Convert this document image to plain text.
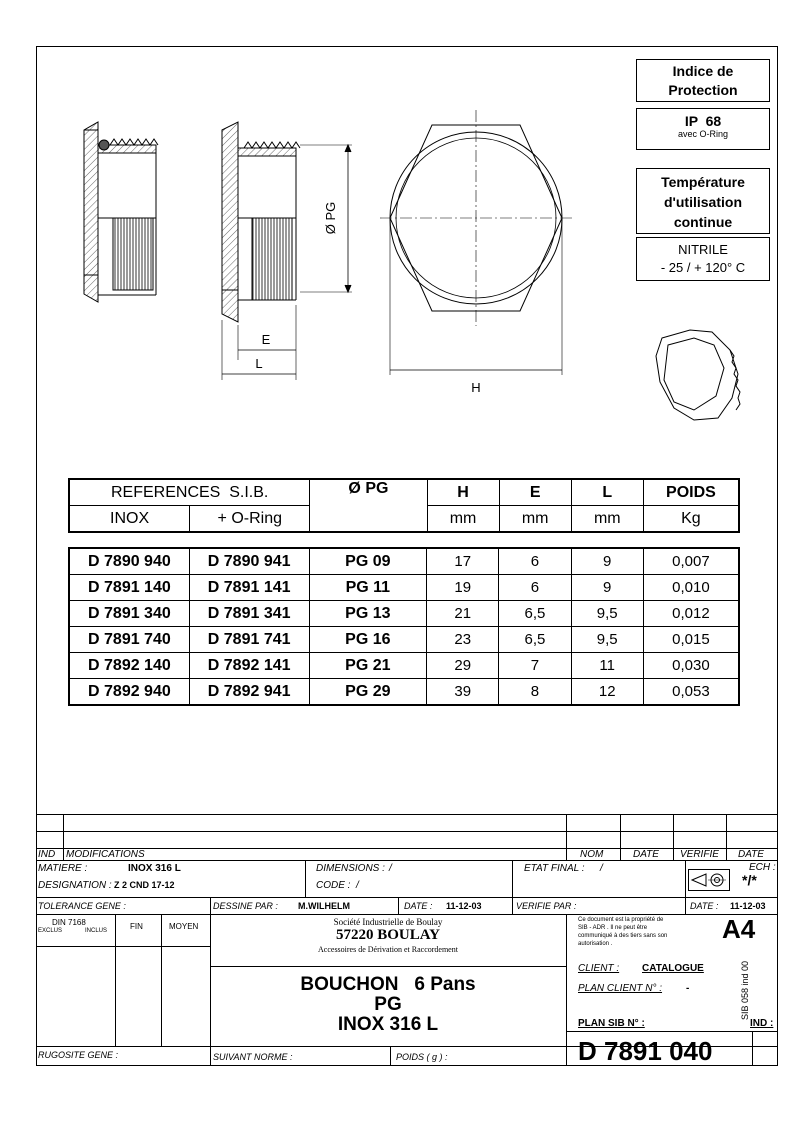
Indice de
Protection
IP  68
avec O-Ring
Température
d'utilisation
continue
NITRILE
- 25 / + 120° C
Ø PG
E
L
H
REFERENCES  S.I.B.		Ø PG	H	E	L	POIDS
INOX	+ O-Ring		mm	mm	mm	Kg
D 7890 940	D 7890 941	PG 09	17	6	9	0,007
D 7891 140	D 7891 141	PG 11	19	6	9	0,010
D 7891 340	D 7891 341	PG 13	21	6,5	9,5	0,012
D 7891 740	D 7891 741	PG 16	23	6,5	9,5	0,015
D 7892 140	D 7892 141	PG 21	29	7	11	0,030
D 7892 940	D 7892 941	PG 29	39	8	12	0,053
IND MODIFICATIONS	NOM	DATE VERIFIE DATE
MATIERE :	INOX 316 L
DESIGNATION : Z 2 CND 17-12
DIMENSIONS : /
CODE : /
ETAT FINAL : /	ECH :
*/*
TOLERANCE GENE :	DESSINE PAR : M.WILHELM	DATE : 11-12-03	VERIFIE PAR :	DATE : 11-12-03
DIN 7168
EXCLUS	INCLUS	FIN	MOYEN	Société Industrielle de Boulay
57220 BOULAY
Accessoires de Dérivation et Raccordement
Ce document est la propriété de
SIB - ADR . Il ne peut être
communiqué à des tiers sans son
autorisation .	A4
CLIENT : CATALOGUE
PLAN CLIENT N° : -
BOUCHON   6 Pans
PG
INOX 316 L	PLAN SIB N° :	IND :
D 7891 040
RUGOSITE GENE :	SUIVANT NORME :	POIDS ( g ) :
SIB 058 ind 00
